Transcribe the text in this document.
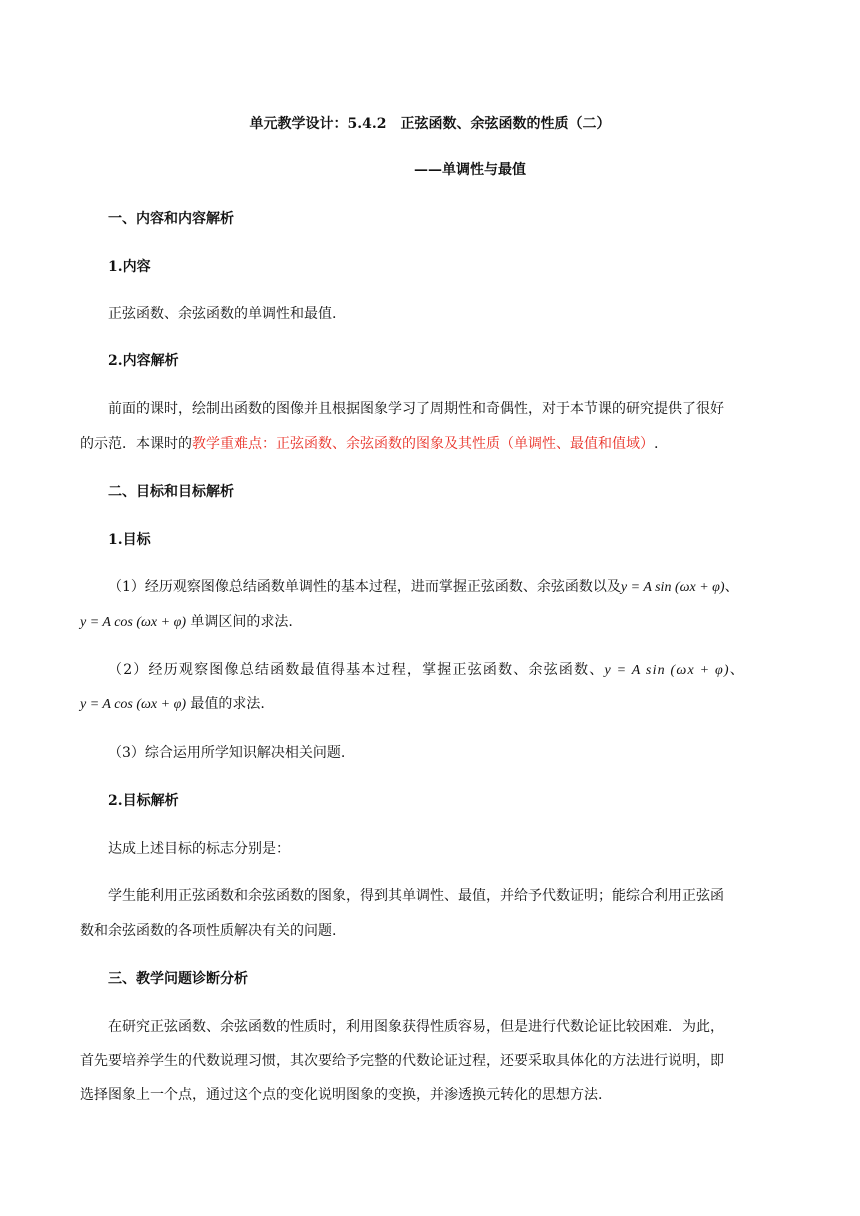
单元教学设计：5.4.2　正弦函数、余弦函数的性质（二）
——单调性与最值
一、内容和内容解析
1.内容
正弦函数、余弦函数的单调性和最值.
2.内容解析
前面的课时，绘制出函数的图像并且根据图象学习了周期性和奇偶性，对于本节课的研究提供了很好
的示范．本课时的教学重难点：正弦函数、余弦函数的图象及其性质（单调性、最值和值域）.
二、目标和目标解析
1.目标
（1）经历观察图像总结函数单调性的基本过程，进而掌握正弦函数、余弦函数以及y = A sin (ωx + φ)、
y = A cos (ωx + φ) 单调区间的求法.
（2）经历观察图像总结函数最值得基本过程，掌握正弦函数、余弦函数、y = A sin (ωx + φ)、
y = A cos (ωx + φ) 最值的求法.
（3）综合运用所学知识解决相关问题.
2.目标解析
达成上述目标的标志分别是：
学生能利用正弦函数和余弦函数的图象，得到其单调性、最值，并给予代数证明；能综合利用正弦函
数和余弦函数的各项性质解决有关的问题.
三、教学问题诊断分析
在研究正弦函数、余弦函数的性质时，利用图象获得性质容易，但是进行代数论证比较困难．为此，
首先要培养学生的代数说理习惯，其次要给予完整的代数论证过程，还要采取具体化的方法进行说明，即
选择图象上一个点，通过这个点的变化说明图象的变换，并渗透换元转化的思想方法.
